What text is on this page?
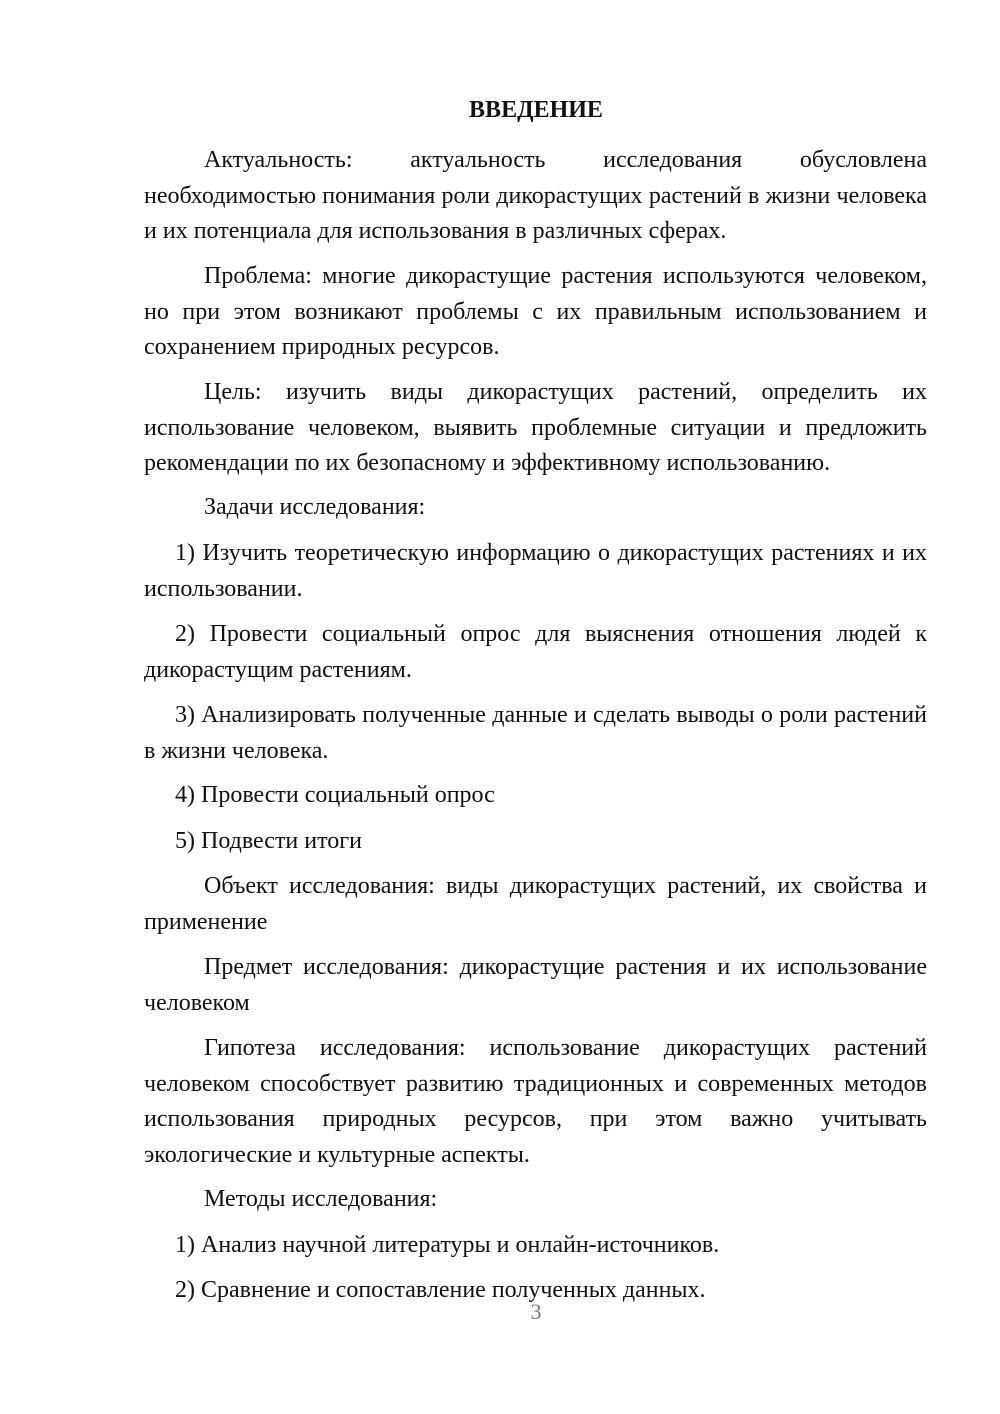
ВВЕДЕНИЕ

Актуальность: актуальность исследования обусловлена необходимостью понимания роли дикорастущих растений в жизни человека и их потенциала для использования в различных сферах.

Проблема: многие дикорастущие растения используются человеком, но при этом возникают проблемы с их правильным использованием и сохранением природных ресурсов.

Цель: изучить виды дикорастущих растений, определить их использование человеком, выявить проблемные ситуации и предложить рекомендации по их безопасному и эффективному использованию.

Задачи исследования:

1) Изучить теоретическую информацию о дикорастущих растениях и их использовании.

2) Провести социальный опрос для выяснения отношения людей к дикорастущим растениям.

3) Анализировать полученные данные и сделать выводы о роли растений в жизни человека.

4) Провести социальный опрос

5) Подвести итоги

Объект исследования: виды дикорастущих растений, их свойства и применение

Предмет исследования: дикорастущие растения и их использование человеком

Гипотеза исследования: использование дикорастущих растений человеком способствует развитию традиционных и современных методов использования природных ресурсов, при этом важно учитывать экологические и культурные аспекты.

Методы исследования:

1) Анализ научной литературы и онлайн-источников.

2) Сравнение и сопоставление полученных данных.

3
